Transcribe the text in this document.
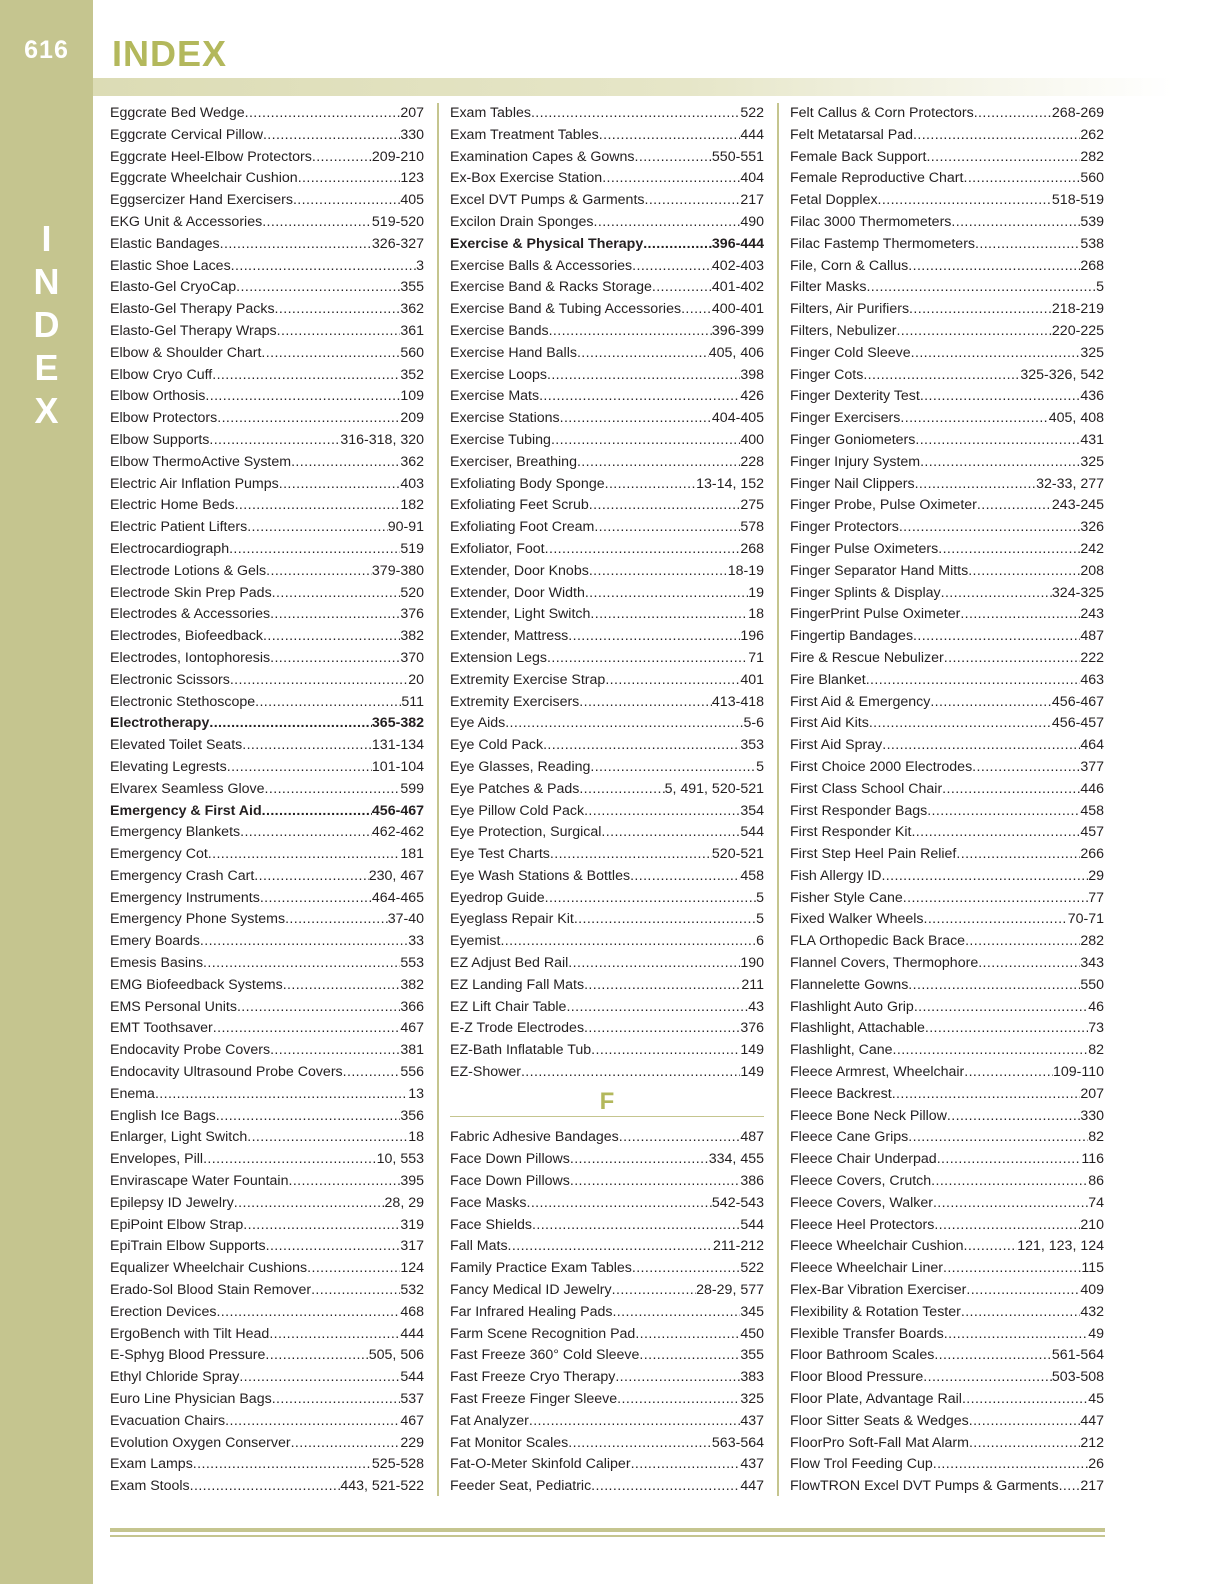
616
I
N
D
E
X
INDEX
Eggcrate Bed Wedge .....	207
Eggcrate Cervical Pillow .....	330
Eggcrate Heel-Elbow Protectors .....	209-210
Eggcrate Wheelchair Cushion .....	123
Eggsercizer Hand Exercisers .....	405
EKG Unit & Accessories .....	519-520
Elastic Bandages .....	326-327
Elastic Shoe Laces .....	3
Elasto-Gel CryoCap .....	355
Elasto-Gel Therapy Packs .....	362
Elasto-Gel Therapy Wraps .....	361
Elbow & Shoulder Chart .....	560
Elbow Cryo Cuff .....	352
Elbow Orthosis .....	109
Elbow Protectors .....	209
Elbow Supports .....	316-318, 320
Elbow ThermoActive System .....	362
Electric Air Inflation Pumps .....	403
Electric Home Beds .....	182
Electric Patient Lifters .....	90-91
Electrocardiograph .....	519
Electrode Lotions & Gels .....	379-380
Electrode Skin Prep Pads .....	520
Electrodes & Accessories .....	376
Electrodes, Biofeedback .....	382
Electrodes, Iontophoresis .....	370
Electronic Scissors .....	20
Electronic Stethoscope .....	511
Electrotherapy .....	365-382
Elevated Toilet Seats .....	131-134
Elevating Legrests .....	101-104
Elvarex Seamless Glove .....	599
Emergency & First Aid .....	456-467
Emergency Blankets .....	462-462
Emergency Cot .....	181
Emergency Crash Cart .....	230, 467
Emergency Instruments .....	464-465
Emergency Phone Systems .....	37-40
Emery Boards .....	33
Emesis Basins .....	553
EMG Biofeedback Systems .....	382
EMS Personal Units .....	366
EMT Toothsaver .....	467
Endocavity Probe Covers .....	381
Endocavity Ultrasound Probe Covers .....	556
Enema .....	13
English Ice Bags .....	356
Enlarger, Light Switch .....	18
Envelopes, Pill .....	10, 553
Envirascape Water Fountain .....	395
Epilepsy ID Jewelry .....	28, 29
EpiPoint Elbow Strap .....	319
EpiTrain Elbow Supports .....	317
Equalizer Wheelchair Cushions .....	124
Erado-Sol Blood Stain Remover .....	532
Erection Devices .....	468
ErgoBench with Tilt Head .....	444
E-Sphyg Blood Pressure .....	505, 506
Ethyl Chloride Spray .....	544
Euro Line Physician Bags .....	537
Evacuation Chairs .....	467
Evolution Oxygen Conserver .....	229
Exam Lamps .....	525-528
Exam Stools .....	443, 521-522
Exam Tables .....	522
Exam Treatment Tables .....	444
Examination Capes & Gowns .....	550-551
Ex-Box Exercise Station .....	404
Excel DVT Pumps & Garments .....	217
Excilon Drain Sponges .....	490
Exercise & Physical Therapy .....	396-444
Exercise Balls & Accessories .....	402-403
Exercise Band & Racks Storage .....	401-402
Exercise Band & Tubing Accessories ..... 400-401
Exercise Bands .....	396-399
Exercise Hand Balls .....	405, 406
Exercise Loops .....	398
Exercise Mats .....	426
Exercise Stations .....	404-405
Exercise Tubing .....	400
Exerciser, Breathing .....	228
Exfoliating Body Sponge .....	13-14, 152
Exfoliating Feet Scrub .....	275
Exfoliating Foot Cream .....	578
Exfoliator, Foot .....	268
Extender, Door Knobs .....	18-19
Extender, Door Width .....	19
Extender, Light Switch .....	18
Extender, Mattress .....	196
Extension Legs .....	71
Extremity Exercise Strap .....	401
Extremity Exercisers .....	413-418
Eye Aids .....	5-6
Eye Cold Pack .....	353
Eye Glasses, Reading .....	5
Eye Patches & Pads .....	5, 491, 520-521
Eye Pillow Cold Pack .....	354
Eye Protection, Surgical .....	544
Eye Test Charts .....	520-521
Eye Wash Stations & Bottles .....	458
Eyedrop Guide .....	5
Eyeglass Repair Kit .....	5
Eyemist .....	6
EZ Adjust Bed Rail .....	190
EZ Landing Fall Mats .....	211
EZ Lift Chair Table .....	43
E-Z Trode Electrodes .....	376
EZ-Bath Inflatable Tub .....	149
EZ-Shower .....	149
F
Fabric Adhesive Bandages .....	487
Face Down Pillows .....	334, 455
Face Down Pillows .....	386
Face Masks .....	542-543
Face Shields .....	544
Fall Mats .....	211-212
Family Practice Exam Tables .....	522
Fancy Medical ID Jewelry .....	28-29, 577
Far Infrared Healing Pads .....	345
Farm Scene Recognition Pad .....	450
Fast Freeze 360° Cold Sleeve .....	355
Fast Freeze Cryo Therapy .....	383
Fast Freeze Finger Sleeve .....	325
Fat Analyzer .....	437
Fat Monitor Scales .....	563-564
Fat-O-Meter Skinfold Caliper .....	437
Feeder Seat, Pediatric .....	447
Felt Callus & Corn Protectors .....	268-269
Felt Metatarsal Pad .....	262
Female Back Support .....	282
Female Reproductive Chart .....	560
Fetal Dopplex .....	518-519
Filac 3000 Thermometers .....	539
Filac Fastemp Thermometers .....	538
File, Corn & Callus .....	268
Filter Masks .....	5
Filters, Air Purifiers .....	218-219
Filters, Nebulizer .....	220-225
Finger Cold Sleeve .....	325
Finger Cots .....	325-326, 542
Finger Dexterity Test .....	436
Finger Exercisers .....	405, 408
Finger Goniometers .....	431
Finger Injury System .....	325
Finger Nail Clippers .....	32-33, 277
Finger Probe, Pulse Oximeter .....	243-245
Finger Protectors .....	326
Finger Pulse Oximeters .....	242
Finger Separator Hand Mitts .....	208
Finger Splints & Display .....	324-325
FingerPrint Pulse Oximeter .....	243
Fingertip Bandages .....	487
Fire & Rescue Nebulizer .....	222
Fire Blanket .....	463
First Aid & Emergency .....	456-467
First Aid Kits .....	456-457
First Aid Spray .....	464
First Choice 2000 Electrodes .....	377
First Class School Chair .....	446
First Responder Bags .....	458
First Responder Kit .....	457
First Step Heel Pain Relief .....	266
Fish Allergy ID .....	29
Fisher Style Cane .....	77
Fixed Walker Wheels .....	70-71
FLA Orthopedic Back Brace .....	282
Flannel Covers, Thermophore .....	343
Flannelette Gowns .....	550
Flashlight Auto Grip .....	46
Flashlight, Attachable .....	73
Flashlight, Cane .....	82
Fleece Armrest, Wheelchair .....	109-110
Fleece Backrest .....	207
Fleece Bone Neck Pillow .....	330
Fleece Cane Grips .....	82
Fleece Chair Underpad .....	116
Fleece Covers, Crutch .....	86
Fleece Covers, Walker .....	74
Fleece Heel Protectors .....	210
Fleece Wheelchair Cushion .....	121, 123, 124
Fleece Wheelchair Liner .....	115
Flex-Bar Vibration Exerciser .....	409
Flexibility & Rotation Tester .....	432
Flexible Transfer Boards .....	49
Floor Bathroom Scales .....	561-564
Floor Blood Pressure .....	503-508
Floor Plate, Advantage Rail .....	45
Floor Sitter Seats & Wedges .....	447
FloorPro Soft-Fall Mat Alarm .....	212
Flow Trol Feeding Cup .....	26
FlowTRON Excel DVT Pumps & Garments ..... 217
